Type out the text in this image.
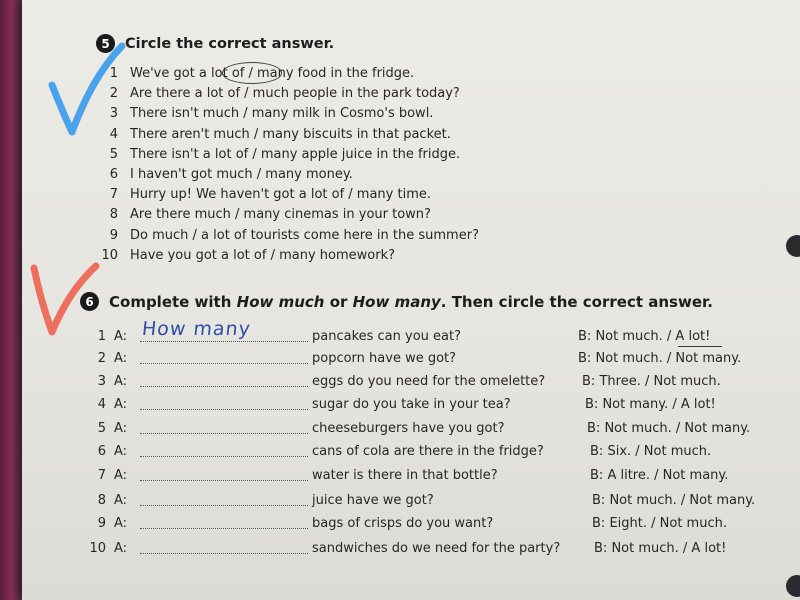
5	Circle the correct answer.
1 We've got a lot of / many food in the fridge.
2 Are there a lot of / much people in the park today?
3 There isn't much / many milk in Cosmo's bowl.
4 There aren't much / many biscuits in that packet.
5 There isn't a lot of / many apple juice in the fridge.
6 I haven't got much / many money.
7 Hurry up! We haven't got a lot of / many time.
8 Are there much / many cinemas in your town?
9 Do much / a lot of tourists come here in the summer?
10 Have you got a lot of / many homework?
6	Complete with How much or How many. Then circle the correct answer.
1 A: How many	pancakes can you eat?	B: Not much. / A lot!
2 A:	popcorn have we got?	B: Not much. / Not many.
3 A:	eggs do you need for the omelette?	B: Three. / Not much.
4 A:	sugar do you take in your tea?	B: Not many. / A lot!
5 A:	cheeseburgers have you got?	B: Not much. / Not many.
6 A:	cans of cola are there in the fridge?	B: Six. / Not much.
7 A:	water is there in that bottle?	B: A litre. / Not many.
8 A:	juice have we got?	B: Not much. / Not many.
9 A:	bags of crisps do you want?	B: Eight. / Not much.
10 A:	sandwiches do we need for the party?	B: Not much. / A lot!
